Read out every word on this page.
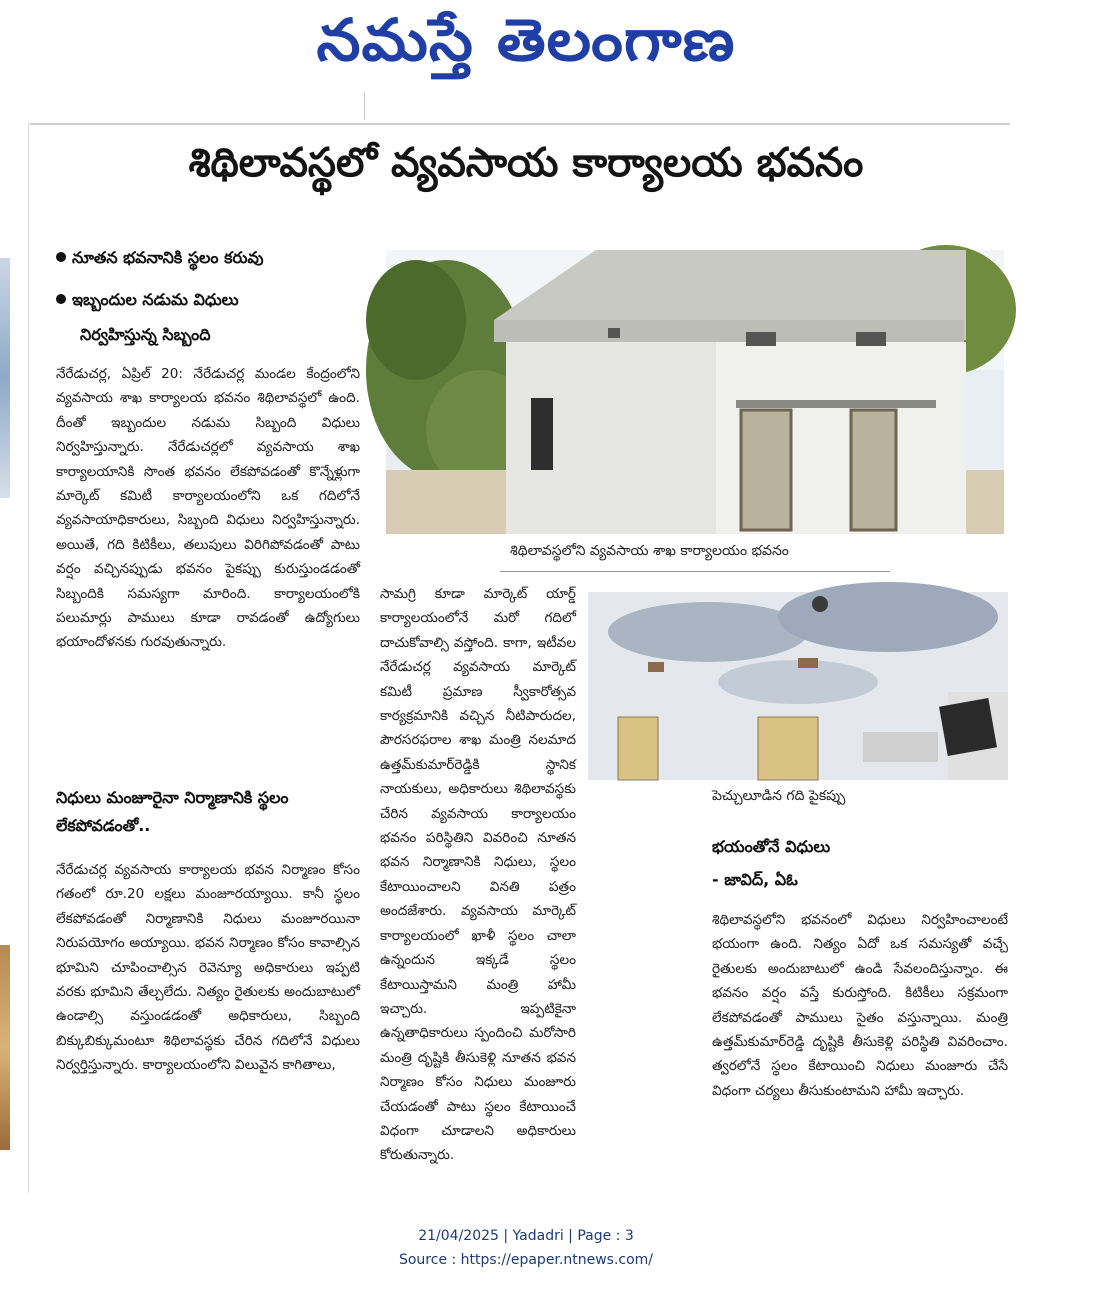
నమస్తే తెలంగాణ
శిథిలావస్థలో వ్యవసాయ కార్యాలయ భవనం
నూతన భవనానికి స్థలం కరువు
ఇబ్బందుల నడుమ విధులు
నిర్వహిస్తున్న సిబ్బంది
నేరేడుచర్ల, ఏప్రిల్ 20: నేరేడుచర్ల మండల కేంద్రంలోని వ్యవసాయ శాఖ కార్యాలయ భవనం శిథిలావస్థలో ఉంది. దీంతో ఇబ్బందుల నడుమ సిబ్బంది విధులు నిర్వహిస్తున్నారు. నేరేడుచర్లలో వ్యవసాయ శాఖ కార్యాలయానికి సొంత భవనం లేకపోవడంతో కొన్నేళ్లుగా మార్కెట్ కమిటీ కార్యాలయంలోని ఒక గదిలోనే వ్యవసాయాధికారులు, సిబ్బంది విధులు నిర్వహిస్తున్నారు. అయితే, గది కిటికీలు, తలుపులు విరిగిపోవడంతో పాటు వర్షం వచ్చినప్పుడు భవనం పైకప్పు కురుస్తుండడంతో సిబ్బందికి సమస్యగా మారింది. కార్యాలయంలోకి పలుమార్లు పాములు కూడా రావడంతో ఉద్యోగులు భయాందోళనకు గురవుతున్నారు.
నిధులు మంజూరైనా నిర్మాణానికి స్థలం లేకపోవడంతో..
నేరేడుచర్ల వ్యవసాయ కార్యాలయ భవన నిర్మాణం కోసం గతంలో రూ.20 లక్షలు మంజూరయ్యాయి. కానీ స్థలం లేకపోవడంతో నిర్మాణానికి నిధులు మంజూరయినా నిరుపయోగం అయ్యాయి. భవన నిర్మాణం కోసం కావాల్సిన భూమిని చూపించాల్సిన రెవెన్యూ అధికారులు ఇప్పటి వరకు భూమిని తేల్చలేదు. నిత్యం రైతులకు అందుబాటులో ఉండాల్సి వస్తుండడంతో అధికారులు, సిబ్బంది బిక్కుబిక్కుమంటూ శిథిలావస్థకు చేరిన గదిలోనే విధులు నిర్వర్తిస్తున్నారు. కార్యాలయంలోని విలువైన కాగితాలు,
శిథిలావస్థలోని వ్యవసాయ శాఖ కార్యాలయం భవనం
సామగ్రి కూడా మార్కెట్ యార్డ్ కార్యాలయంలోనే మరో గదిలో దాచుకోవాల్సి వస్తోంది. కాగా, ఇటీవల నేరేడుచర్ల వ్యవసాయ మార్కెట్ కమిటీ ప్రమాణ స్వీకారోత్సవ కార్యక్రమానికి వచ్చిన నీటిపారుదల, పౌరసరఫరాల శాఖ మంత్రి నలమాద ఉత్తమ్‌కుమార్‌రెడ్డికి స్థానిక నాయకులు, అధికారులు శిథిలావస్థకు చేరిన వ్యవసాయ కార్యాలయం భవనం పరిస్థితిని వివరించి నూతన భవన నిర్మాణానికి నిధులు, స్థలం కేటాయించాలని వినతి పత్రం అందజేశారు. వ్యవసాయ మార్కెట్ కార్యాలయంలో ఖాళీ స్థలం చాలా ఉన్నందున ఇక్కడే స్థలం కేటాయిస్తామని మంత్రి హామీ ఇచ్చారు. ఇప్పటికైనా ఉన్నతాధికారులు స్పందించి మరోసారి మంత్రి దృష్టికి తీసుకెళ్లి నూతన భవన నిర్మాణం కోసం నిధులు మంజూరు చేయడంతో పాటు స్థలం కేటాయించే విధంగా చూడాలని అధికారులు కోరుతున్నారు.
పెచ్చులూడిన గది పైకప్పు
భయంతోనే విధులు
- జావిద్, ఏఓ
శిథిలావస్థలోని భవనంలో విధులు నిర్వహించాలంటే భయంగా ఉంది. నిత్యం ఏదో ఒక సమస్యతో వచ్చే రైతులకు అందుబాటులో ఉండి సేవలందిస్తున్నాం. ఈ భవనం వర్షం వస్తే కురుస్తోంది. కిటికీలు సక్రమంగా లేకపోవడంతో పాములు సైతం వస్తున్నాయి. మంత్రి ఉత్తమ్‌కుమార్‌రెడ్డి దృష్టికి తీసుకెళ్లి పరిస్థితి వివరించాం. త్వరలోనే స్థలం కేటాయించి నిధులు మంజూరు చేసే విధంగా చర్యలు తీసుకుంటామని హామీ ఇచ్చారు.
21/04/2025 | Yadadri | Page : 3
Source : https://epaper.ntnews.com/
